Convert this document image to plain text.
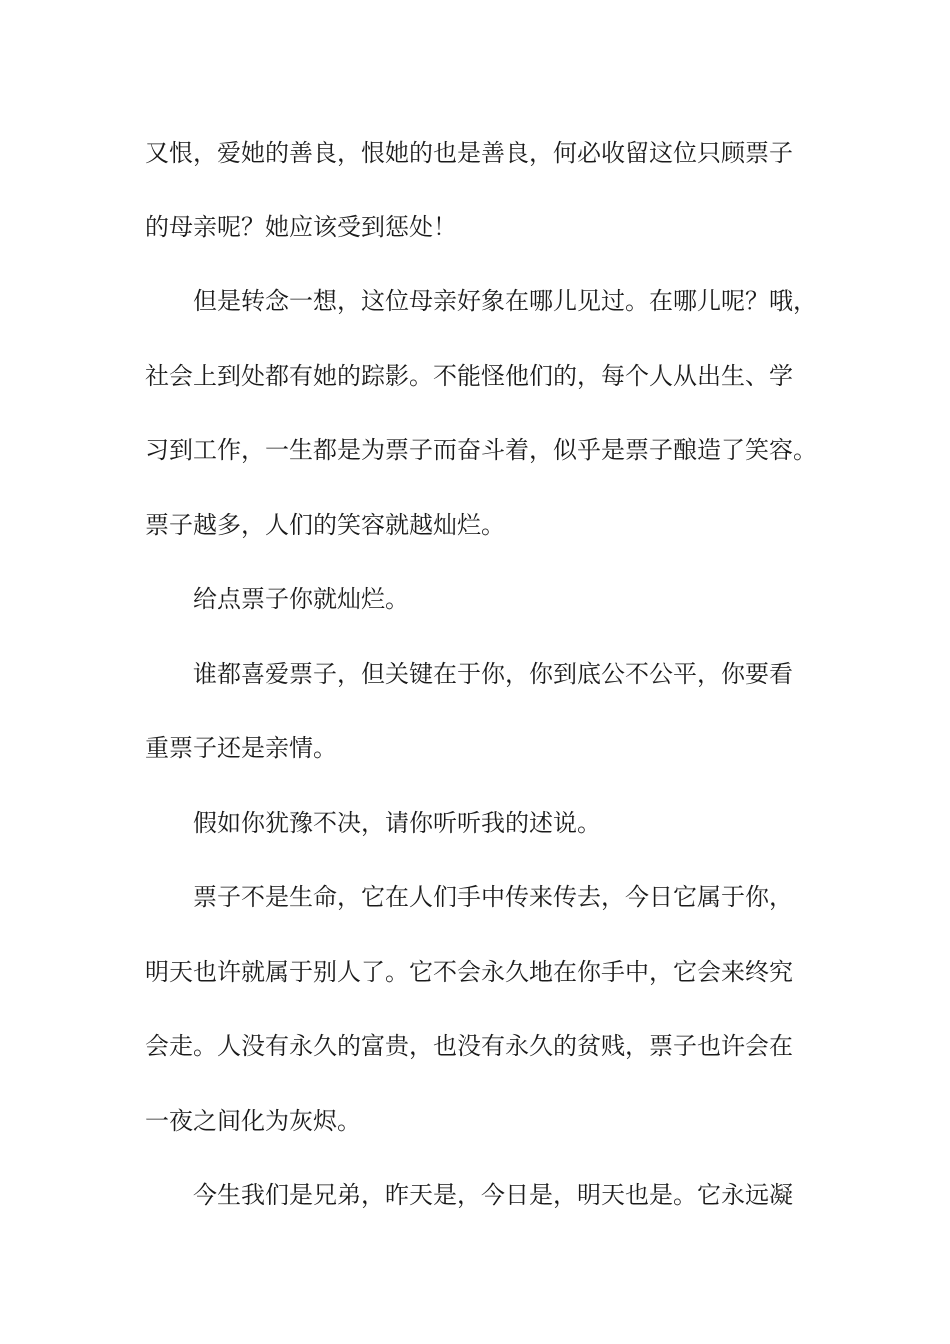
又恨，爱她的善良，恨她的也是善良，何必收留这位只顾票子
的母亲呢？她应该受到惩处！
但是转念一想，这位母亲好象在哪儿见过。在哪儿呢？哦，
社会上到处都有她的踪影。不能怪他们的，每个人从出生、学
习到工作，一生都是为票子而奋斗着，似乎是票子酿造了笑容。
票子越多，人们的笑容就越灿烂。
给点票子你就灿烂。
谁都喜爱票子，但关键在于你，你到底公不公平，你要看
重票子还是亲情。
假如你犹豫不决，请你听听我的述说。
票子不是生命，它在人们手中传来传去，今日它属于你，
明天也许就属于别人了。它不会永久地在你手中，它会来终究
会走。人没有永久的富贵，也没有永久的贫贱，票子也许会在
一夜之间化为灰烬。
今生我们是兄弟，昨天是，今日是，明天也是。它永远凝
